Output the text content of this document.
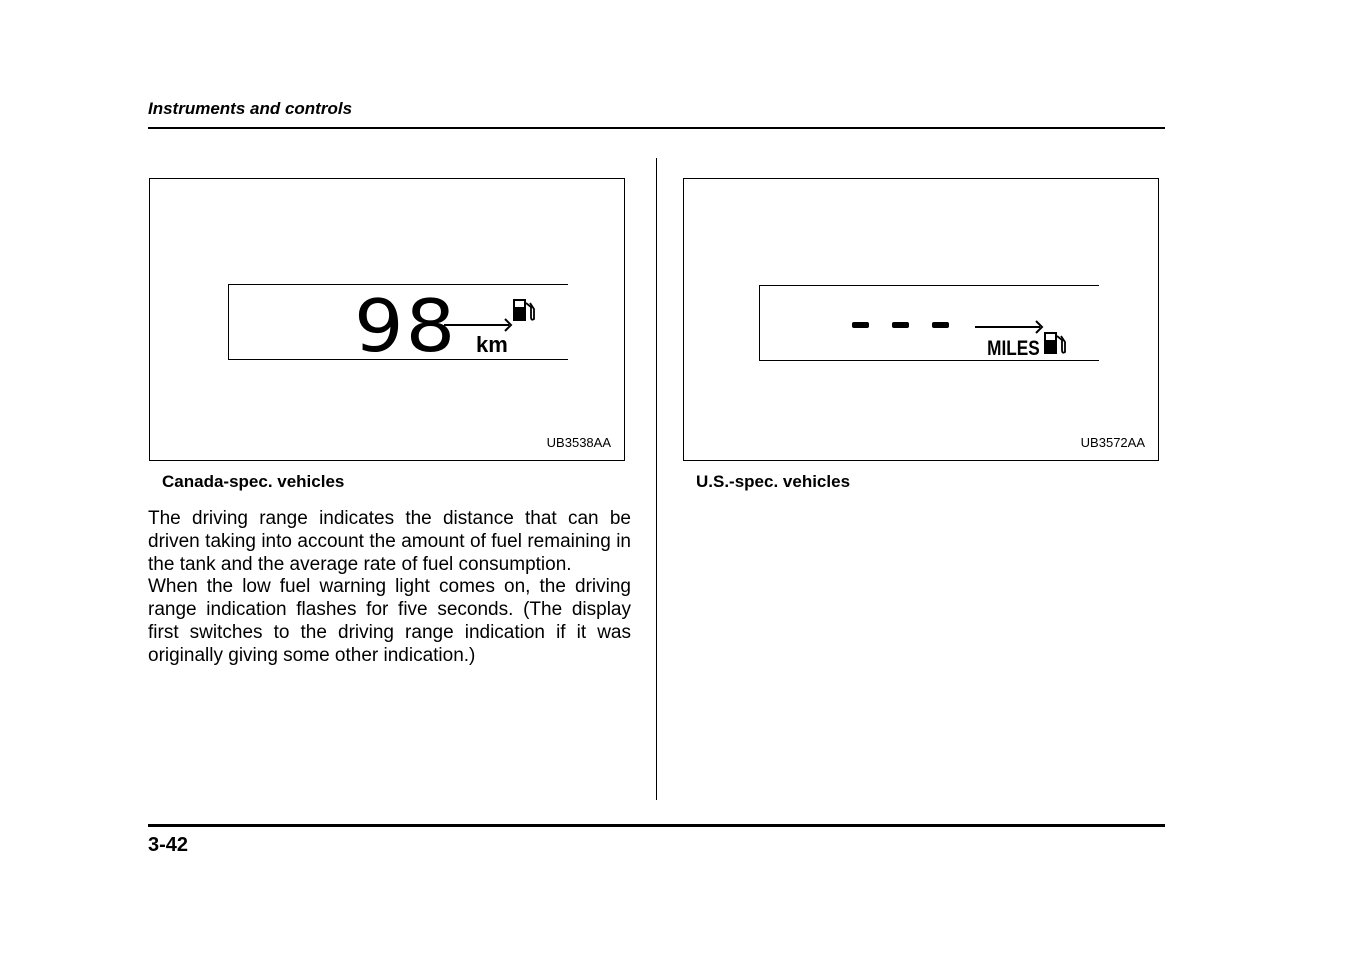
Instruments and controls
98 km
UB3538AA
Canada-spec. vehicles
- - -
MILES
UB3572AA
U.S.-spec. vehicles

The driving range indicates the distance that can be driven taking into account the amount of fuel remaining in the tank and the average rate of fuel consumption.

When the low fuel warning light comes on, the driving range indication flashes for five seconds. (The display first switches to the driving range indication if it was originally giving some other indication.)

3-42
